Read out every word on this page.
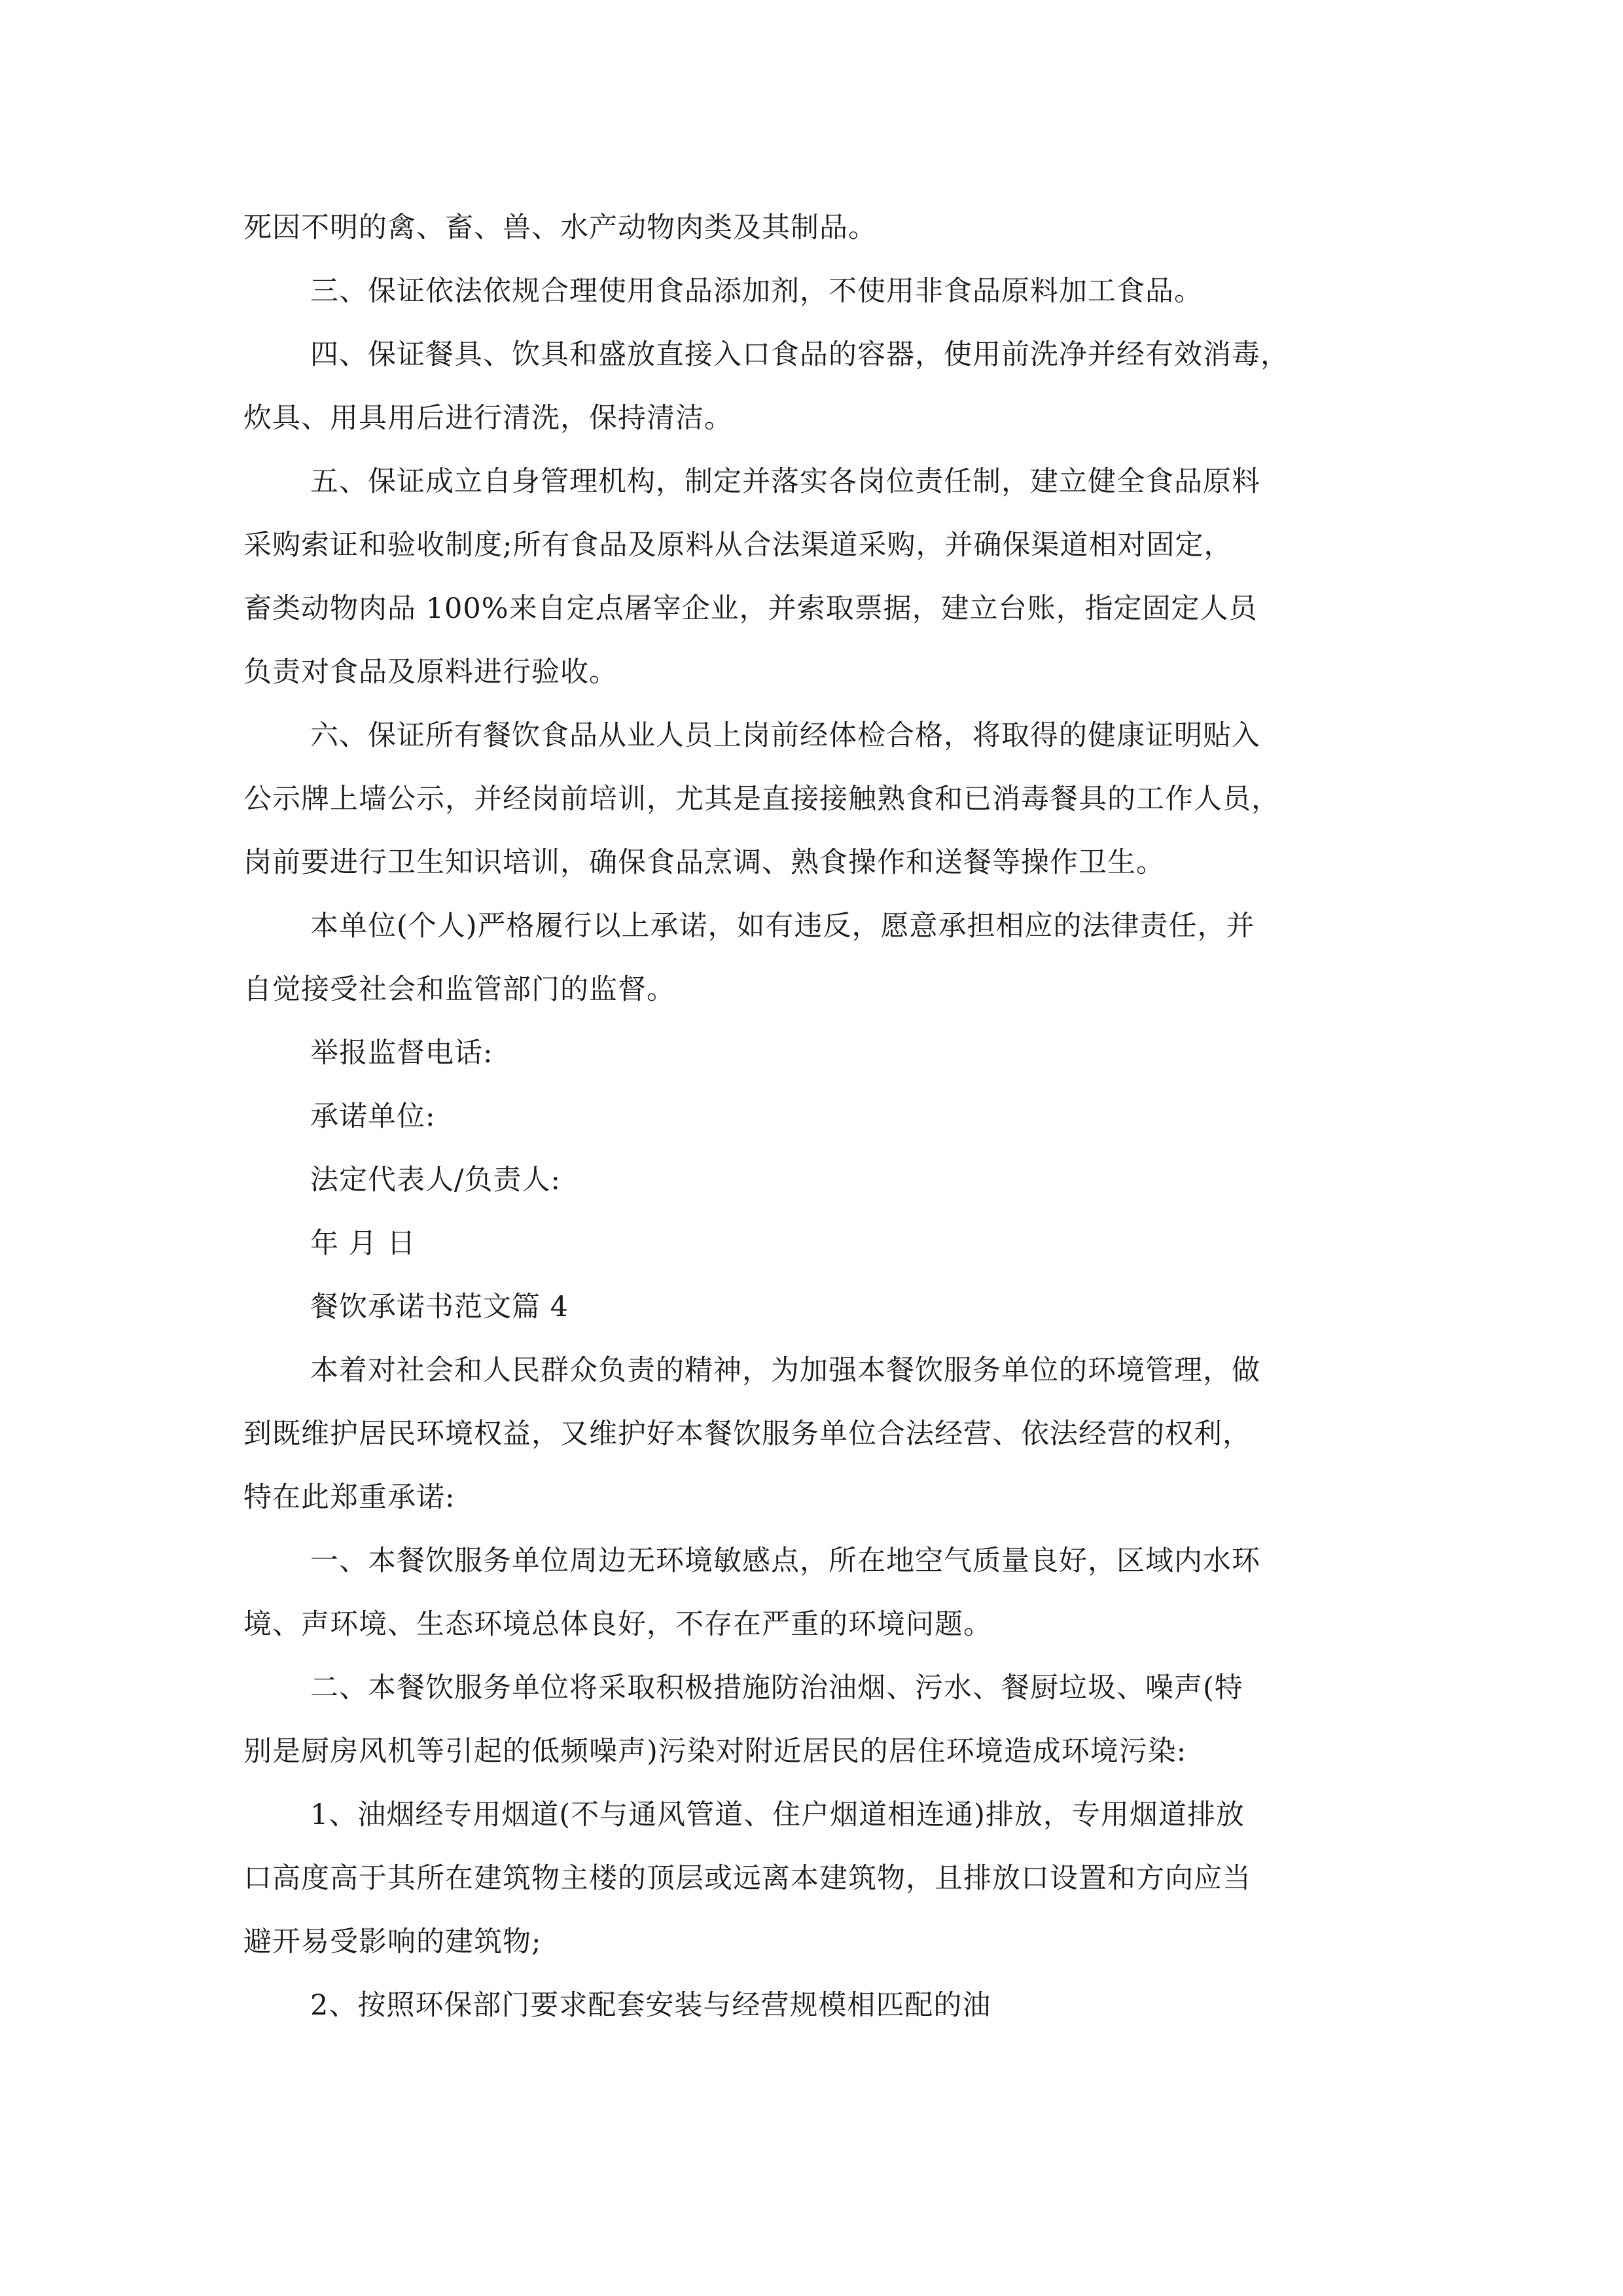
死因不明的禽、畜、兽、水产动物肉类及其制品。
三、保证依法依规合理使用食品添加剂，不使用非食品原料加工食品。
四、保证餐具、饮具和盛放直接入口食品的容器，使用前洗净并经有效消毒，
炊具、用具用后进行清洗，保持清洁。
五、保证成立自身管理机构，制定并落实各岗位责任制，建立健全食品原料
采购索证和验收制度;所有食品及原料从合法渠道采购，并确保渠道相对固定，
畜类动物肉品 100%来自定点屠宰企业，并索取票据，建立台账，指定固定人员
负责对食品及原料进行验收。
六、保证所有餐饮食品从业人员上岗前经体检合格，将取得的健康证明贴入
公示牌上墙公示，并经岗前培训，尤其是直接接触熟食和已消毒餐具的工作人员，
岗前要进行卫生知识培训，确保食品烹调、熟食操作和送餐等操作卫生。
本单位(个人)严格履行以上承诺，如有违反，愿意承担相应的法律责任，并
自觉接受社会和监管部门的监督。
举报监督电话:
承诺单位:
法定代表人/负责人:
年 月 日
餐饮承诺书范文篇 4
本着对社会和人民群众负责的精神，为加强本餐饮服务单位的环境管理，做
到既维护居民环境权益，又维护好本餐饮服务单位合法经营、依法经营的权利，
特在此郑重承诺:
一、本餐饮服务单位周边无环境敏感点，所在地空气质量良好，区域内水环
境、声环境、生态环境总体良好，不存在严重的环境问题。
二、本餐饮服务单位将采取积极措施防治油烟、污水、餐厨垃圾、噪声(特
别是厨房风机等引起的低频噪声)污染对附近居民的居住环境造成环境污染:
1、油烟经专用烟道(不与通风管道、住户烟道相连通)排放，专用烟道排放
口高度高于其所在建筑物主楼的顶层或远离本建筑物，且排放口设置和方向应当
避开易受影响的建筑物;
2、按照环保部门要求配套安装与经营规模相匹配的油
